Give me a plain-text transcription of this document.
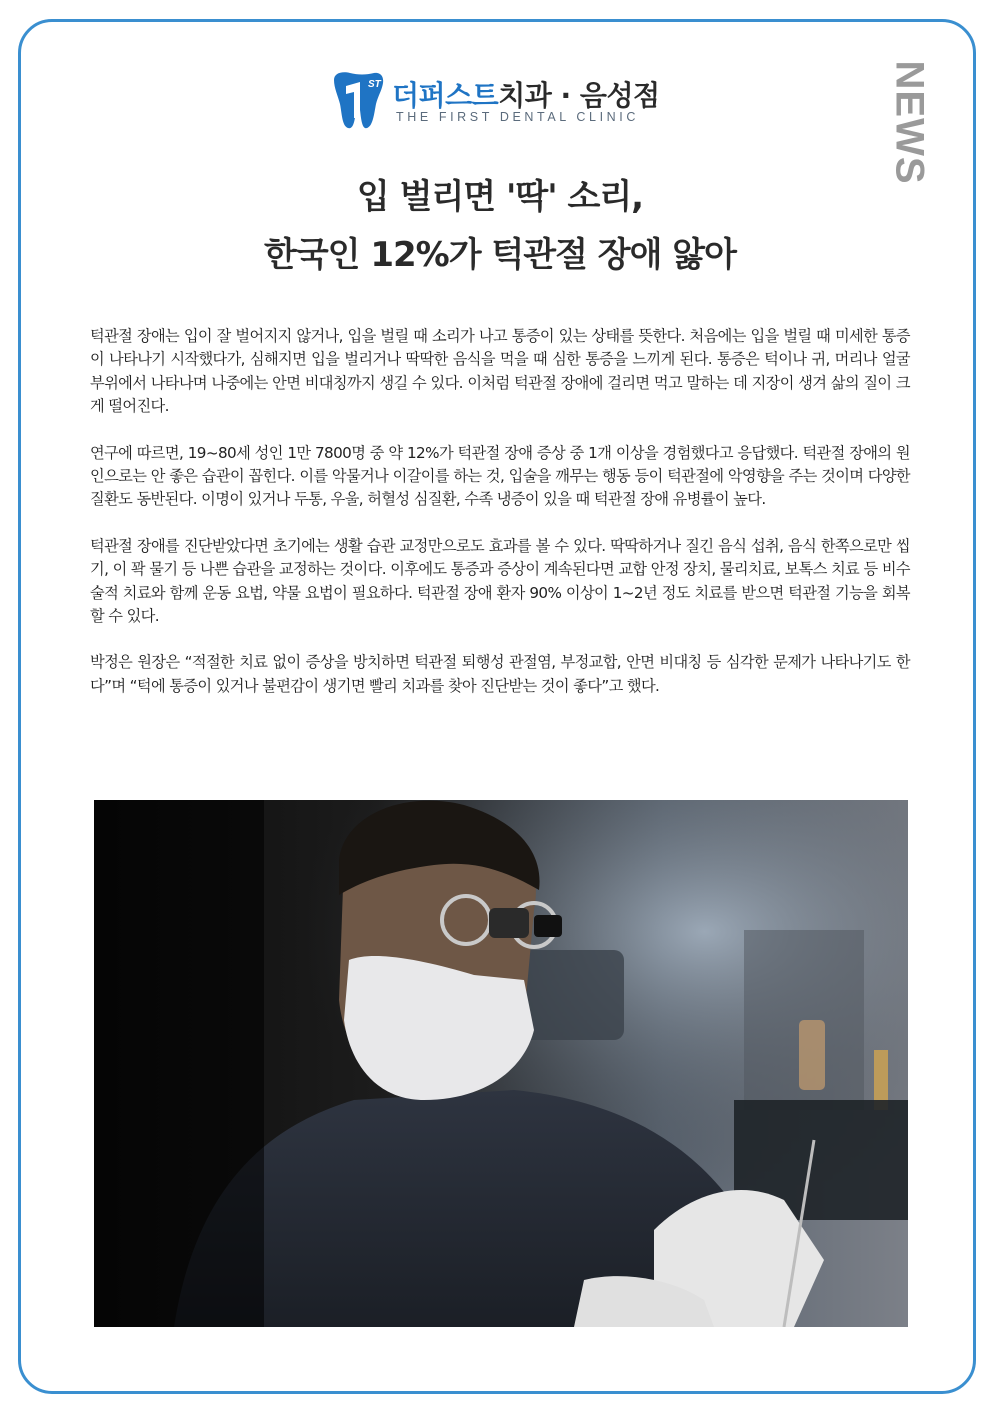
NEWS
ST 더퍼스트치과 · 음성점
THE FIRST DENTAL CLINIC
입 벌리면 '딱' 소리,
한국인 12%가 턱관절 장애 앓아

턱관절 장애는 입이 잘 벌어지지 않거나, 입을 벌릴 때 소리가 나고 통증이 있는 상태를 뜻한다. 처음에는 입을 벌릴 때 미세한 통증이 나타나기 시작했다가, 심해지면 입을 벌리거나 딱딱한 음식을 먹을 때 심한 통증을 느끼게 된다. 통증은 턱이나 귀, 머리나 얼굴 부위에서 나타나며 나중에는 안면 비대칭까지 생길 수 있다. 이처럼 턱관절 장애에 걸리면 먹고 말하는 데 지장이 생겨 삶의 질이 크게 떨어진다.

연구에 따르면, 19~80세 성인 1만 7800명 중 약 12%가 턱관절 장애 증상 중 1개 이상을 경험했다고 응답했다. 턱관절 장애의 원인으로는 안 좋은 습관이 꼽힌다. 이를 악물거나 이갈이를 하는 것, 입술을 깨무는 행동 등이 턱관절에 악영향을 주는 것이며 다양한 질환도 동반된다. 이명이 있거나 두통, 우울, 허혈성 심질환, 수족 냉증이 있을 때 턱관절 장애 유병률이 높다.

턱관절 장애를 진단받았다면 초기에는 생활 습관 교정만으로도 효과를 볼 수 있다. 딱딱하거나 질긴 음식 섭취, 음식 한쪽으로만 씹기, 이 꽉 물기 등 나쁜 습관을 교정하는 것이다. 이후에도 통증과 증상이 계속된다면 교합 안정 장치, 물리치료, 보톡스 치료 등 비수술적 치료와 함께 운동 요법, 약물 요법이 필요하다. 턱관절 장애 환자 90% 이상이 1~2년 정도 치료를 받으면 턱관절 기능을 회복할 수 있다.

박정은 원장은 “적절한 치료 없이 증상을 방치하면 턱관절 퇴행성 관절염, 부정교합, 안면 비대칭 등 심각한 문제가 나타나기도 한다”며 “턱에 통증이 있거나 불편감이 생기면 빨리 치과를 찾아 진단받는 것이 좋다”고 했다.
